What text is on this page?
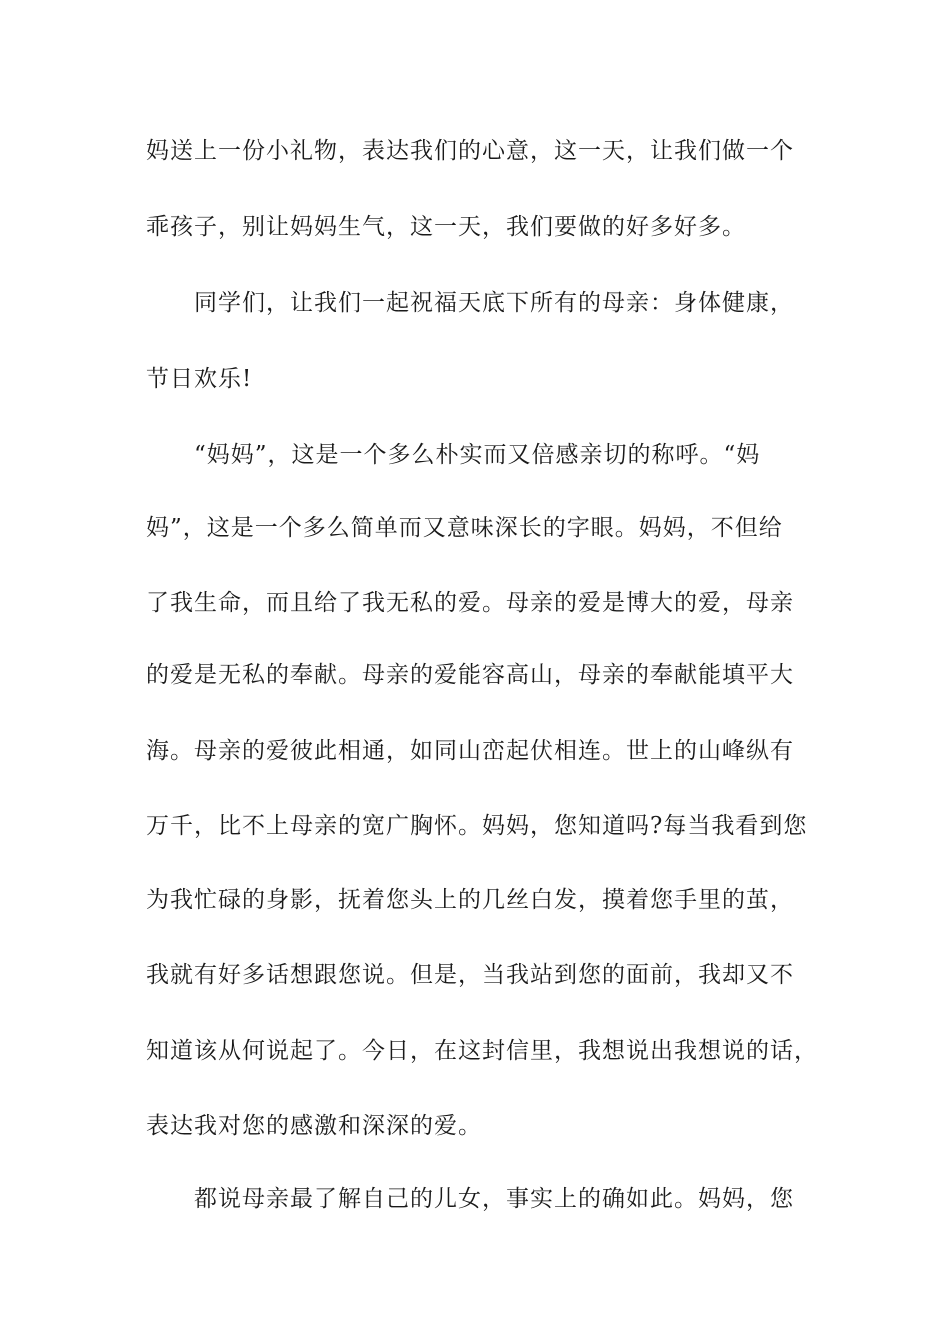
妈送上一份小礼物，表达我们的心意，这一天，让我们做一个
乖孩子，别让妈妈生气，这一天，我们要做的好多好多。
同学们，让我们一起祝福天底下所有的母亲：身体健康，
节日欢乐!
“妈妈”，这是一个多么朴实而又倍感亲切的称呼。“妈
妈”，这是一个多么简单而又意味深长的字眼。妈妈，不但给
了我生命，而且给了我无私的爱。母亲的爱是博大的爱，母亲
的爱是无私的奉献。母亲的爱能容高山，母亲的奉献能填平大
海。母亲的爱彼此相通，如同山峦起伏相连。世上的山峰纵有
万千，比不上母亲的宽广胸怀。妈妈，您知道吗?每当我看到您
为我忙碌的身影，抚着您头上的几丝白发，摸着您手里的茧，
我就有好多话想跟您说。但是，当我站到您的面前，我却又不
知道该从何说起了。今日，在这封信里，我想说出我想说的话，
表达我对您的感激和深深的爱。
都说母亲最了解自己的儿女，事实上的确如此。妈妈，您
